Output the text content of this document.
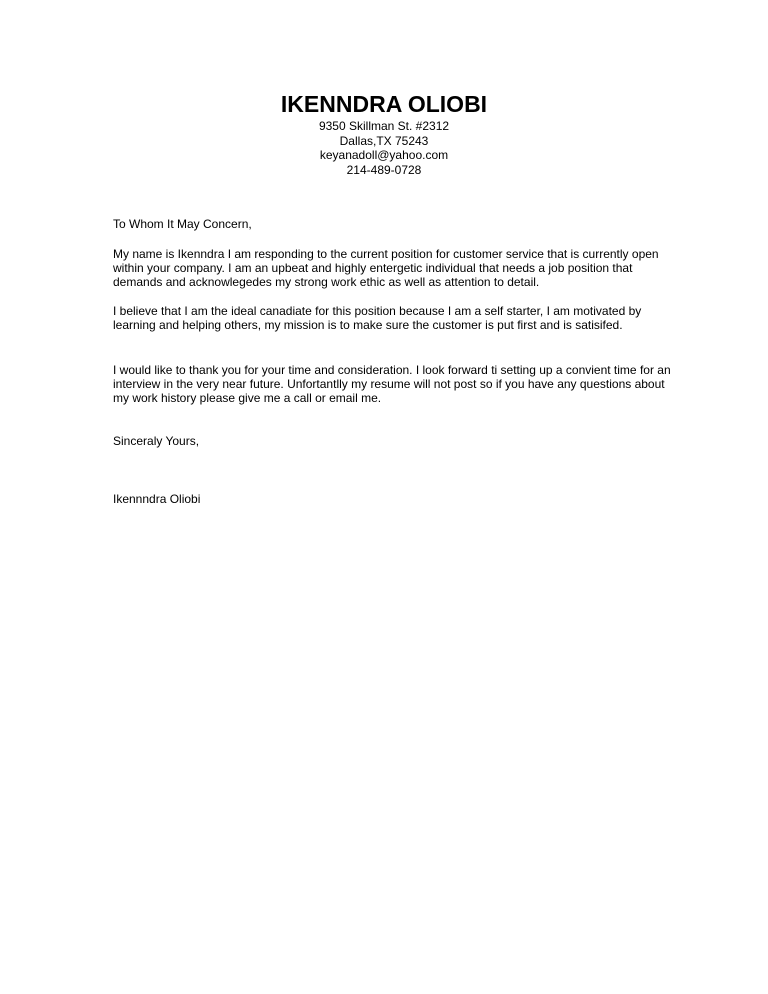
IKENNDRA OLIOBI
9350 Skillman St. #2312
Dallas,TX 75243
keyanadoll@yahoo.com
214-489-0728

To Whom It May Concern,

My name is Ikenndra I am responding to the current position for customer service that is currently open within your company. I am an upbeat and highly entergetic individual that needs a job position that demands and acknowlegedes my strong work ethic as well as attention to detail.

I believe that I am the ideal canadiate for this position because I am a self starter, I am motivated by learning and helping others, my mission is to make sure the customer is put first and is satisifed.

I would like to thank you for your time and consideration. I look forward ti setting up a convient time for an interview in the very near future. Unfortantlly my resume will not post so if you have any questions about my work history please give me a call or email me.

Sinceraly Yours,

Ikennndra Oliobi
